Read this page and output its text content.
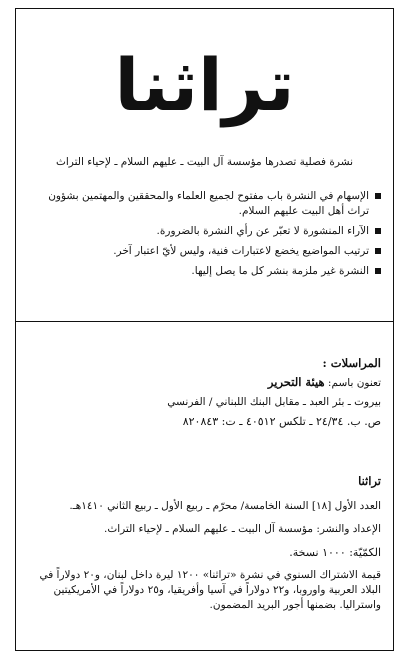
تراثنا
نشرة فصلية تصدرها مؤسسة آل البيت ـ عليهم السلام ـ لإحياء التراث
الإسهام في النشرة باب مفتوح لجميع العلماء والمحققين والمهتمين بشؤون تراث أهل البيت عليهم السلام.
الآراء المنشورة لا تعبّر عن رأي النشرة بالضرورة.
ترتيب المواضيع يخضع لاعتبارات فنية، وليس لأيّ اعتبار آخر.
النشرة غير ملزمة بنشر كل ما يصل إليها.
المراسلات :
تعنون باسم: هيئة التحرير
بيروت ـ بئر العبد ـ مقابل البنك اللبناني / الفرنسي
ص. ب. ٢٤/٣٤ ـ تلكس ٤٠٥١٢ ـ ت: ٨٢٠٨٤٣
تراثنا
العدد الأول [١٨] السنة الخامسة/ محرّم ـ ربيع الأول ـ ربيع الثاني ١٤١٠هـ.
الإعداد والنشر: مؤسسة آل البيت ـ عليهم السلام ـ لإحياء التراث.
الكمّيّة: ١٠٠٠ نسخة.
قيمة الاشتراك السنوي في نشرة «تراثنا» ١٢٠٠ ليرة داخل لبنان، و٢٠ دولاراً في البلاد العربية واوروبا، و٢٢ دولاراً في آسيا وأفريقيا، و٢٥ دولاراً في الأمريكيتين واستراليا. بضمنها أجور البريد المضمون.
